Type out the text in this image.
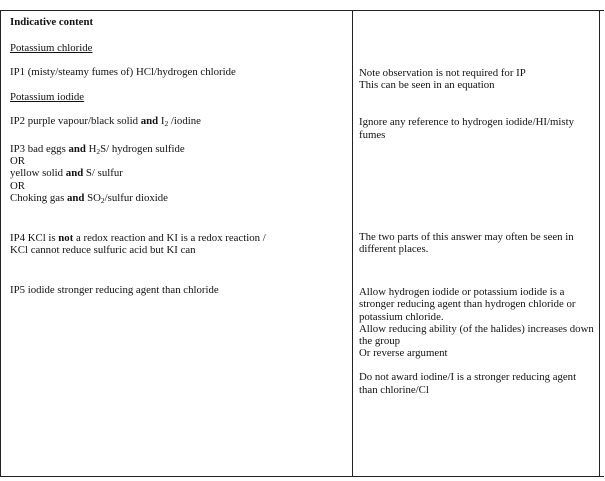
Indicative content

Potassium chloride

IP1 (misty/steamy fumes of) HCl/hydrogen chloride

Potassium iodide

IP2 purple vapour/black solid and $I_2$ /iodine

IP3 bad eggs and $H_2S/$ hydrogen sulfide

OR

yellow solid and S/ sulfur

OR

Choking gas and $SO_2$/sulfur dioxide

IP4 KCl is not a redox reaction and KI is a redox reaction /

KCl cannot reduce sulfuric acid but KI can

IP5 iodide stronger reducing agent than chloride

Note observation is not required for IP

This can be seen in an equation

Ignore any reference to hydrogen iodide/HI/misty fumes

The two parts of this answer may often be seen in different places.

Allow hydrogen iodide or potassium iodide is a stronger reducing agent than hydrogen chloride or potassium chloride.

Allow reducing ability (of the halides) increases down the group

Or reverse argument

Do not award iodine/I is a stronger reducing agent than chlorine/Cl
